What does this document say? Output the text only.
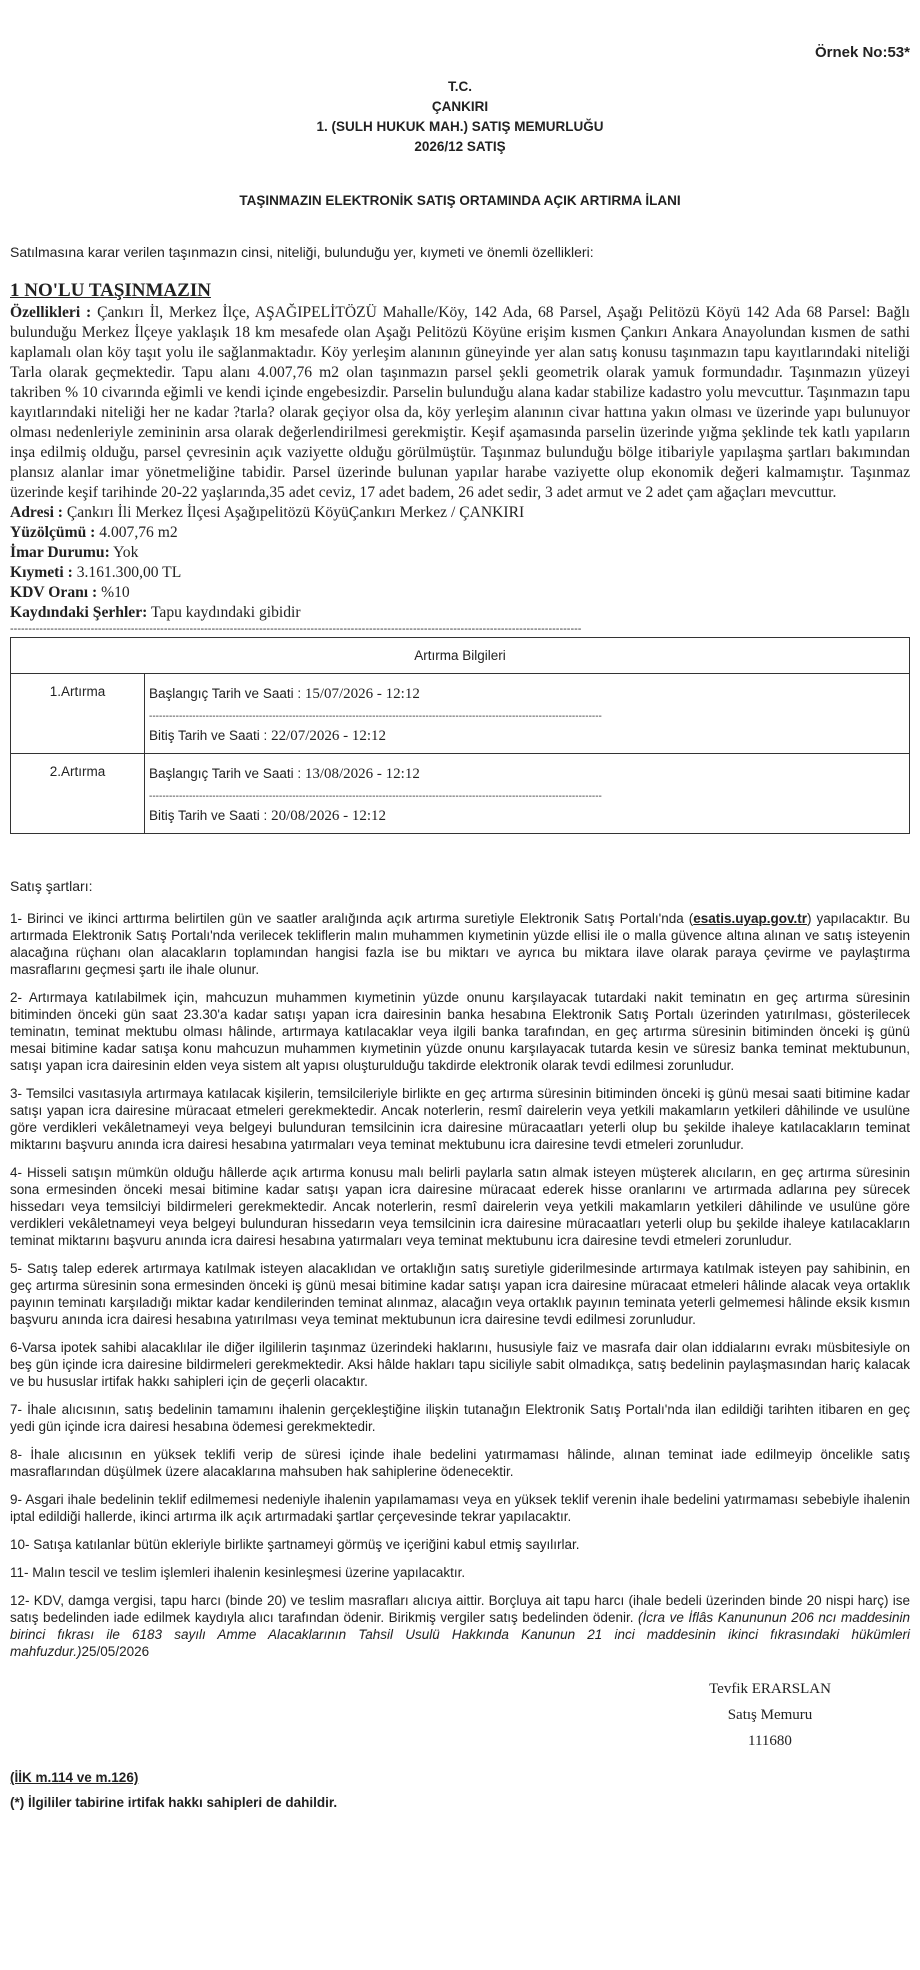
Örnek No:53*
T.C.
ÇANKIRI
1. (SULH HUKUK MAH.) SATIŞ MEMURLUĞU
2026/12 SATIŞ
TAŞINMAZIN ELEKTRONİK SATIŞ ORTAMINDA AÇIK ARTIRMA İLANI
Satılmasına karar verilen taşınmazın cinsi, niteliği, bulunduğu yer, kıymeti ve önemli özellikleri:
1 NO'LU TAŞINMAZIN

Özellikleri : Çankırı İl, Merkez İlçe, AŞAĞIPELİTÖZÜ Mahalle/Köy, 142 Ada, 68 Parsel, Aşağı Pelitözü Köyü 142 Ada 68 Parsel: Bağlı bulunduğu Merkez İlçeye yaklaşık 18 km mesafede olan Aşağı Pelitözü Köyüne erişim kısmen Çankırı Ankara Anayolundan kısmen de sathi kaplamalı olan köy taşıt yolu ile sağlanmaktadır. Köy yerleşim alanının güneyinde yer alan satış konusu taşınmazın tapu kayıtlarındaki niteliği Tarla olarak geçmektedir. Tapu alanı 4.007,76 m2 olan taşınmazın parsel şekli geometrik olarak yamuk formundadır. Taşınmazın yüzeyi takriben % 10 civarında eğimli ve kendi içinde engebesizdir. Parselin bulunduğu alana kadar stabilize kadastro yolu mevcuttur. Taşınmazın tapu kayıtlarındaki niteliği her ne kadar ?tarla? olarak geçiyor olsa da, köy yerleşim alanının civar hattına yakın olması ve üzerinde yapı bulunuyor olması nedenleriyle zemininin arsa olarak değerlendirilmesi gerekmiştir. Keşif aşamasında parselin üzerinde yığma şeklinde tek katlı yapıların inşa edilmiş olduğu, parsel çevresinin açık vaziyette olduğu görülmüştür. Taşınmaz bulunduğu bölge itibariyle yapılaşma şartları bakımından plansız alanlar imar yönetmeliğine tabidir. Parsel üzerinde bulunan yapılar harabe vaziyette olup ekonomik değeri kalmamıştır. Taşınmaz üzerinde keşif tarihinde 20-22 yaşlarında,35 adet ceviz, 17 adet badem, 26 adet sedir, 3 adet armut ve 2 adet çam ağaçları mevcuttur.

Adresi : Çankırı İli Merkez İlçesi Aşağıpelitözü KöyüÇankırı Merkez / ÇANKIRI

Yüzölçümü : 4.007,76 m2

İmar Durumu: Yok

Kıymeti : 3.161.300,00 TL

KDV Oranı : %10

Kaydındaki Şerhler: Tapu kaydındaki gibidir

------------------------------------------------------------------------------------------------------------------------------------------------------------
Artırma Bilgileri	
1.Artırma	Başlangıç Tarih ve Saati : 15/07/2026 - 12:12
----------------------------------------------------------------------------------------------------------------------------------------
Bitiş Tarih ve Saati : 22/07/2026 - 12:12

2.Artırma	Başlangıç Tarih ve Saati : 13/08/2026 - 12:12
----------------------------------------------------------------------------------------------------------------------------------------
Bitiş Tarih ve Saati : 20/08/2026 - 12:12
Satış şartları:

1- Birinci ve ikinci arttırma belirtilen gün ve saatler aralığında açık artırma suretiyle Elektronik Satış Portalı'nda (esatis.uyap.gov.tr) yapılacaktır. Bu artırmada Elektronik Satış Portalı'nda verilecek tekliflerin malın muhammen kıymetinin yüzde ellisi ile o malla güvence altına alınan ve satış isteyenin alacağına rüçhanı olan alacakların toplamından hangisi fazla ise bu miktarı ve ayrıca bu miktara ilave olarak paraya çevirme ve paylaştırma masraflarını geçmesi şartı ile ihale olunur.

2- Artırmaya katılabilmek için, mahcuzun muhammen kıymetinin yüzde onunu karşılayacak tutardaki nakit teminatın en geç artırma süresinin bitiminden önceki gün saat 23.30'a kadar satışı yapan icra dairesinin banka hesabına Elektronik Satış Portalı üzerinden yatırılması, gösterilecek teminatın, teminat mektubu olması hâlinde, artırmaya katılacaklar veya ilgili banka tarafından, en geç artırma süresinin bitiminden önceki iş günü mesai bitimine kadar satışa konu mahcuzun muhammen kıymetinin yüzde onunu karşılayacak tutarda kesin ve süresiz banka teminat mektubunun, satışı yapan icra dairesinin elden veya sistem alt yapısı oluşturulduğu takdirde elektronik olarak tevdi edilmesi zorunludur.

3- Temsilci vasıtasıyla artırmaya katılacak kişilerin, temsilcileriyle birlikte en geç artırma süresinin bitiminden önceki iş günü mesai saati bitimine kadar satışı yapan icra dairesine müracaat etmeleri gerekmektedir. Ancak noterlerin, resmî dairelerin veya yetkili makamların yetkileri dâhilinde ve usulüne göre verdikleri vekâletnameyi veya belgeyi bulunduran temsilcinin icra dairesine müracaatları yeterli olup bu şekilde ihaleye katılacakların teminat miktarını başvuru anında icra dairesi hesabına yatırmaları veya teminat mektubunu icra dairesine tevdi etmeleri zorunludur.

4- Hisseli satışın mümkün olduğu hâllerde açık artırma konusu malı belirli paylarla satın almak isteyen müşterek alıcıların, en geç artırma süresinin sona ermesinden önceki mesai bitimine kadar satışı yapan icra dairesine müracaat ederek hisse oranlarını ve artırmada adlarına pey sürecek hissedarı veya temsilciyi bildirmeleri gerekmektedir. Ancak noterlerin, resmî dairelerin veya yetkili makamların yetkileri dâhilinde ve usulüne göre verdikleri vekâletnameyi veya belgeyi bulunduran hissedarın veya temsilcinin icra dairesine müracaatları yeterli olup bu şekilde ihaleye katılacakların teminat miktarını başvuru anında icra dairesi hesabına yatırmaları veya teminat mektubunu icra dairesine tevdi etmeleri zorunludur.

5- Satış talep ederek artırmaya katılmak isteyen alacaklıdan ve ortaklığın satış suretiyle giderilmesinde artırmaya katılmak isteyen pay sahibinin, en geç artırma süresinin sona ermesinden önceki iş günü mesai bitimine kadar satışı yapan icra dairesine müracaat etmeleri hâlinde alacak veya ortaklık payının teminatı karşıladığı miktar kadar kendilerinden teminat alınmaz, alacağın veya ortaklık payının teminata yeterli gelmemesi hâlinde eksik kısmın başvuru anında icra dairesi hesabına yatırılması veya teminat mektubunun icra dairesine tevdi edilmesi zorunludur.

6-Varsa ipotek sahibi alacaklılar ile diğer ilgililerin taşınmaz üzerindeki haklarını, hususiyle faiz ve masrafa dair olan iddialarını evrakı müsbitesiyle on beş gün içinde icra dairesine bildirmeleri gerekmektedir. Aksi hâlde hakları tapu siciliyle sabit olmadıkça, satış bedelinin paylaşmasından hariç kalacak ve bu hususlar irtifak hakkı sahipleri için de geçerli olacaktır.

7- İhale alıcısının, satış bedelinin tamamını ihalenin gerçekleştiğine ilişkin tutanağın Elektronik Satış Portalı'nda ilan edildiği tarihten itibaren en geç yedi gün içinde icra dairesi hesabına ödemesi gerekmektedir.

8- İhale alıcısının en yüksek teklifi verip de süresi içinde ihale bedelini yatırmaması hâlinde, alınan teminat iade edilmeyip öncelikle satış masraflarından düşülmek üzere alacaklarına mahsuben hak sahiplerine ödenecektir.

9- Asgari ihale bedelinin teklif edilmemesi nedeniyle ihalenin yapılamaması veya en yüksek teklif verenin ihale bedelini yatırmaması sebebiyle ihalenin iptal edildiği hallerde, ikinci artırma ilk açık artırmadaki şartlar çerçevesinde tekrar yapılacaktır.

10- Satışa katılanlar bütün ekleriyle birlikte şartnameyi görmüş ve içeriğini kabul etmiş sayılırlar.

11- Malın tescil ve teslim işlemleri ihalenin kesinleşmesi üzerine yapılacaktır.

12- KDV, damga vergisi, tapu harcı (binde 20) ve teslim masrafları alıcıya aittir. Borçluya ait tapu harcı (ihale bedeli üzerinden binde 20 nispi harç) ise satış bedelinden iade edilmek kaydıyla alıcı tarafından ödenir. Birikmiş vergiler satış bedelinden ödenir. (İcra ve İflâs Kanununun 206 ncı maddesinin birinci fıkrası ile 6183 sayılı Amme Alacaklarının Tahsil Usulü Hakkında Kanunun 21 inci maddesinin ikinci fıkrasındaki hükümleri mahfuzdur.)25/05/2026

Tevfik ERARSLAN
Satış Memuru
111680
(İİK m.114 ve m.126)
(*) İlgililer tabirine irtifak hakkı sahipleri de dahildir.
